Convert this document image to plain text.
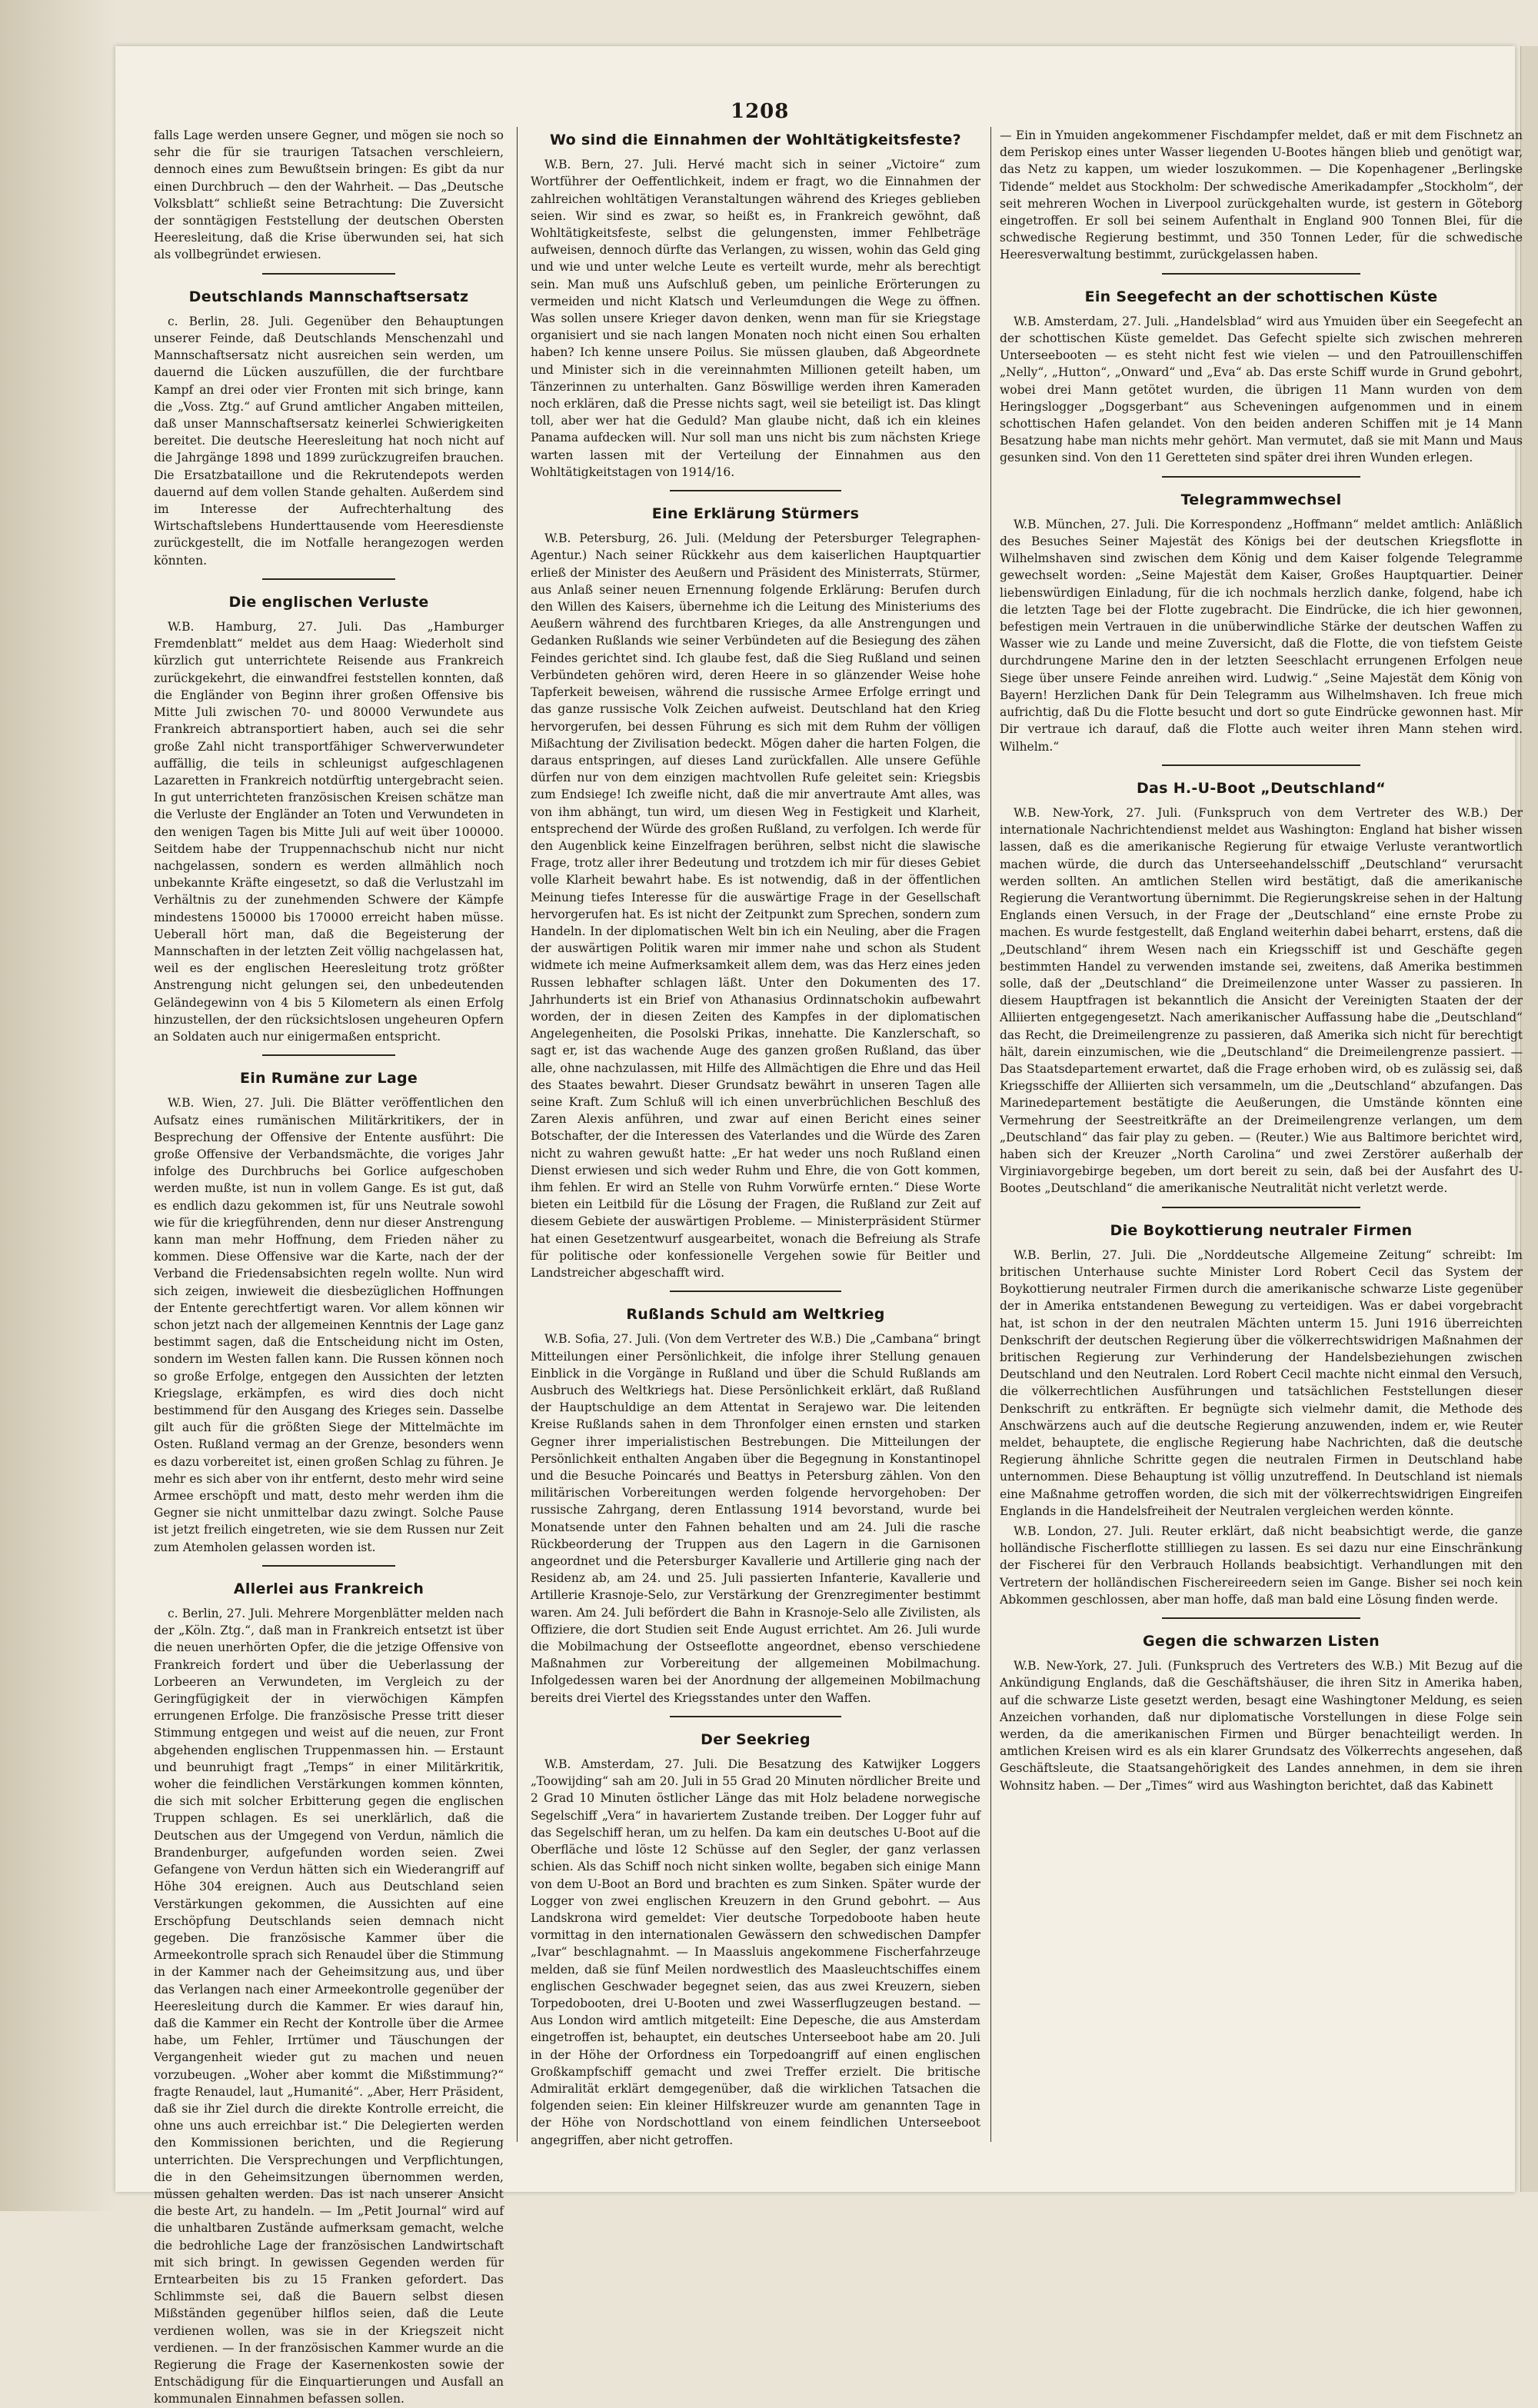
1208

falls Lage werden unsere Gegner, und mögen sie noch so sehr die für sie traurigen Tatsachen verschleiern, dennoch eines zum Bewußtsein bringen: Es gibt da nur einen Durchbruch — den der Wahrheit. — Das „Deutsche Volksblatt“ schließt seine Betrachtung: Die Zuversicht der sonntägigen Feststellung der deutschen Obersten Heeresleitung, daß die Krise überwunden sei, hat sich als vollbegründet erwiesen.

Deutschlands Mannschaftsersatz

c. Berlin, 28. Juli. Gegenüber den Behauptungen unserer Feinde, daß Deutschlands Menschenzahl und Mannschaftsersatz nicht ausreichen sein werden, um dauernd die Lücken auszufüllen, die der furchtbare Kampf an drei oder vier Fronten mit sich bringe, kann die „Voss. Ztg.“ auf Grund amtlicher Angaben mitteilen, daß unser Mannschaftsersatz keinerlei Schwierigkeiten bereitet. Die deutsche Heeresleitung hat noch nicht auf die Jahrgänge 1898 und 1899 zurückzugreifen brauchen. Die Ersatzbataillone und die Rekrutendepots werden dauernd auf dem vollen Stande gehalten. Außerdem sind im Interesse der Aufrechterhaltung des Wirtschaftslebens Hunderttausende vom Heeresdienste zurückgestellt, die im Notfalle herangezogen werden könnten.

Die englischen Verluste

W.B. Hamburg, 27. Juli. Das „Hamburger Fremdenblatt“ meldet aus dem Haag: Wiederholt sind kürzlich gut unterrichtete Reisende aus Frankreich zurückgekehrt, die einwandfrei feststellen konnten, daß die Engländer von Beginn ihrer großen Offensive bis Mitte Juli zwischen 70- und 80000 Verwundete aus Frankreich abtransportiert haben, auch sei die sehr große Zahl nicht transportfähiger Schwerverwundeter auffällig, die teils in schleunigst aufgeschlagenen Lazaretten in Frankreich notdürftig untergebracht seien. In gut unterrichteten französischen Kreisen schätze man die Verluste der Engländer an Toten und Verwundeten in den wenigen Tagen bis Mitte Juli auf weit über 100000. Seitdem habe der Truppennachschub nicht nur nicht nachgelassen, sondern es werden allmählich noch unbekannte Kräfte eingesetzt, so daß die Verlustzahl im Verhältnis zu der zunehmenden Schwere der Kämpfe mindestens 150000 bis 170000 erreicht haben müsse. Ueberall hört man, daß die Begeisterung der Mannschaften in der letzten Zeit völlig nachgelassen hat, weil es der englischen Heeresleitung trotz größter Anstrengung nicht gelungen sei, den unbedeutenden Geländegewinn von 4 bis 5 Kilometern als einen Erfolg hinzustellen, der den rücksichtslosen ungeheuren Opfern an Soldaten auch nur einigermaßen entspricht.

Ein Rumäne zur Lage

W.B. Wien, 27. Juli. Die Blätter veröffentlichen den Aufsatz eines rumänischen Militärkritikers, der in Besprechung der Offensive der Entente ausführt: Die große Offensive der Verbandsmächte, die voriges Jahr infolge des Durchbruchs bei Gorlice aufgeschoben werden mußte, ist nun in vollem Gange. Es ist gut, daß es endlich dazu gekommen ist, für uns Neutrale sowohl wie für die kriegführenden, denn nur dieser Anstrengung kann man mehr Hoffnung, dem Frieden näher zu kommen. Diese Offensive war die Karte, nach der der Verband die Friedensabsichten regeln wollte. Nun wird sich zeigen, inwieweit die diesbezüglichen Hoffnungen der Entente gerechtfertigt waren. Vor allem können wir schon jetzt nach der allgemeinen Kenntnis der Lage ganz bestimmt sagen, daß die Entscheidung nicht im Osten, sondern im Westen fallen kann. Die Russen können noch so große Erfolge, entgegen den Aussichten der letzten Kriegslage, erkämpfen, es wird dies doch nicht bestimmend für den Ausgang des Krieges sein. Dasselbe gilt auch für die größten Siege der Mittelmächte im Osten. Rußland vermag an der Grenze, besonders wenn es dazu vorbereitet ist, einen großen Schlag zu führen. Je mehr es sich aber von ihr entfernt, desto mehr wird seine Armee erschöpft und matt, desto mehr werden ihm die Gegner sie nicht unmittelbar dazu zwingt. Solche Pause ist jetzt freilich eingetreten, wie sie dem Russen nur Zeit zum Atemholen gelassen worden ist.

Allerlei aus Frankreich

c. Berlin, 27. Juli. Mehrere Morgenblätter melden nach der „Köln. Ztg.“, daß man in Frankreich entsetzt ist über die neuen unerhörten Opfer, die die jetzige Offensive von Frankreich fordert und über die Ueberlassung der Lorbeeren an Verwundeten, im Vergleich zu der Geringfügigkeit der in vierwöchigen Kämpfen errungenen Erfolge. Die französische Presse tritt dieser Stimmung entgegen und weist auf die neuen, zur Front abgehenden englischen Truppenmassen hin. — Erstaunt und beunruhigt fragt „Temps“ in einer Militärkritik, woher die feindlichen Verstärkungen kommen könnten, die sich mit solcher Erbitterung gegen die englischen Truppen schlagen. Es sei unerklärlich, daß die Deutschen aus der Umgegend von Verdun, nämlich die Brandenburger, aufgefunden worden seien. Zwei Gefangene von Verdun hätten sich ein Wiederangriff auf Höhe 304 ereignen. Auch aus Deutschland seien Verstärkungen gekommen, die Aussichten auf eine Erschöpfung Deutschlands seien demnach nicht gegeben. Die französische Kammer über die Armeekontrolle sprach sich Renaudel über die Stimmung in der Kammer nach der Geheimsitzung aus, und über das Verlangen nach einer Armeekontrolle gegenüber der Heeresleitung durch die Kammer. Er wies darauf hin, daß die Kammer ein Recht der Kontrolle über die Armee habe, um Fehler, Irrtümer und Täuschungen der Vergangenheit wieder gut zu machen und neuen vorzubeugen. „Woher aber kommt die Mißstimmung?“ fragte Renaudel, laut „Humanité“. „Aber, Herr Präsident, daß sie ihr Ziel durch die direkte Kontrolle erreicht, die ohne uns auch erreichbar ist.“ Die Delegierten werden den Kommissionen berichten, und die Regierung unterrichten. Die Versprechungen und Verpflichtungen, die in den Geheimsitzungen übernommen werden, müssen gehalten werden. Das ist nach unserer Ansicht die beste Art, zu handeln. — Im „Petit Journal“ wird auf die unhaltbaren Zustände aufmerksam gemacht, welche die bedrohliche Lage der französischen Landwirtschaft mit sich bringt. In gewissen Gegenden werden für Erntearbeiten bis zu 15 Franken gefordert. Das Schlimmste sei, daß die Bauern selbst diesen Mißständen gegenüber hilflos seien, daß die Leute verdienen wollen, was sie in der Kriegszeit nicht verdienen. — In der französischen Kammer wurde an die Regierung die Frage der Kasernenkosten sowie der Entschädigung für die Einquartierungen und Ausfall an kommunalen Einnahmen befassen sollen.

Wo sind die Einnahmen der Wohltätigkeitsfeste?

W.B. Bern, 27. Juli. Hervé macht sich in seiner „Victoire“ zum Wortführer der Oeffentlichkeit, indem er fragt, wo die Einnahmen der zahlreichen wohltätigen Veranstaltungen während des Krieges geblieben seien. Wir sind es zwar, so heißt es, in Frankreich gewöhnt, daß Wohltätigkeitsfeste, selbst die gelungensten, immer Fehlbeträge aufweisen, dennoch dürfte das Verlangen, zu wissen, wohin das Geld ging und wie und unter welche Leute es verteilt wurde, mehr als berechtigt sein. Man muß uns Aufschluß geben, um peinliche Erörterungen zu vermeiden und nicht Klatsch und Verleumdungen die Wege zu öffnen. Was sollen unsere Krieger davon denken, wenn man für sie Kriegstage organisiert und sie nach langen Monaten noch nicht einen Sou erhalten haben? Ich kenne unsere Poilus. Sie müssen glauben, daß Abgeordnete und Minister sich in die vereinnahmten Millionen geteilt haben, um Tänzerinnen zu unterhalten. Ganz Böswillige werden ihren Kameraden noch erklären, daß die Presse nichts sagt, weil sie beteiligt ist. Das klingt toll, aber wer hat die Geduld? Man glaube nicht, daß ich ein kleines Panama aufdecken will. Nur soll man uns nicht bis zum nächsten Kriege warten lassen mit der Verteilung der Einnahmen aus den Wohltätigkeitstagen von 1914/16.

Eine Erklärung Stürmers

W.B. Petersburg, 26. Juli. (Meldung der Petersburger Telegraphen-Agentur.) Nach seiner Rückkehr aus dem kaiserlichen Hauptquartier erließ der Minister des Aeußern und Präsident des Ministerrats, Stürmer, aus Anlaß seiner neuen Ernennung folgende Erklärung: Berufen durch den Willen des Kaisers, übernehme ich die Leitung des Ministeriums des Aeußern während des furchtbaren Krieges, da alle Anstrengungen und Gedanken Rußlands wie seiner Verbündeten auf die Besiegung des zähen Feindes gerichtet sind. Ich glaube fest, daß die Sieg Rußland und seinen Verbündeten gehören wird, deren Heere in so glänzender Weise hohe Tapferkeit beweisen, während die russische Armee Erfolge erringt und das ganze russische Volk Zeichen aufweist. Deutschland hat den Krieg hervorgerufen, bei dessen Führung es sich mit dem Ruhm der völligen Mißachtung der Zivilisation bedeckt. Mögen daher die harten Folgen, die daraus entspringen, auf dieses Land zurückfallen. Alle unsere Gefühle dürfen nur von dem einzigen machtvollen Rufe geleitet sein: Kriegsbis zum Endsiege! Ich zweifle nicht, daß die mir anvertraute Amt alles, was von ihm abhängt, tun wird, um diesen Weg in Festigkeit und Klarheit, entsprechend der Würde des großen Rußland, zu verfolgen. Ich werde für den Augenblick keine Einzelfragen berühren, selbst nicht die slawische Frage, trotz aller ihrer Bedeutung und trotzdem ich mir für dieses Gebiet volle Klarheit bewahrt habe. Es ist notwendig, daß in der öffentlichen Meinung tiefes Interesse für die auswärtige Frage in der Gesellschaft hervorgerufen hat. Es ist nicht der Zeitpunkt zum Sprechen, sondern zum Handeln. In der diplomatischen Welt bin ich ein Neuling, aber die Fragen der auswärtigen Politik waren mir immer nahe und schon als Student widmete ich meine Aufmerksamkeit allem dem, was das Herz eines jeden Russen lebhafter schlagen läßt. Unter den Dokumenten des 17. Jahrhunderts ist ein Brief von Athanasius Ordinnatschokin aufbewahrt worden, der in diesen Zeiten des Kampfes in der diplomatischen Angelegenheiten, die Posolski Prikas, innehatte. Die Kanzlerschaft, so sagt er, ist das wachende Auge des ganzen großen Rußland, das über alle, ohne nachzulassen, mit Hilfe des Allmächtigen die Ehre und das Heil des Staates bewahrt. Dieser Grundsatz bewährt in unseren Tagen alle seine Kraft. Zum Schluß will ich einen unverbrüchlichen Beschluß des Zaren Alexis anführen, und zwar auf einen Bericht eines seiner Botschafter, der die Interessen des Vaterlandes und die Würde des Zaren nicht zu wahren gewußt hatte: „Er hat weder uns noch Rußland einen Dienst erwiesen und sich weder Ruhm und Ehre, die von Gott kommen, ihm fehlen. Er wird an Stelle von Ruhm Vorwürfe ernten.“ Diese Worte bieten ein Leitbild für die Lösung der Fragen, die Rußland zur Zeit auf diesem Gebiete der auswärtigen Probleme. — Ministerpräsident Stürmer hat einen Gesetzentwurf ausgearbeitet, wonach die Befreiung als Strafe für politische oder konfessionelle Vergehen sowie für Beitler und Landstreicher abgeschafft wird.

Rußlands Schuld am Weltkrieg

W.B. Sofia, 27. Juli. (Von dem Vertreter des W.B.) Die „Cambana“ bringt Mitteilungen einer Persönlichkeit, die infolge ihrer Stellung genauen Einblick in die Vorgänge in Rußland und über die Schuld Rußlands am Ausbruch des Weltkriegs hat. Diese Persönlichkeit erklärt, daß Rußland der Hauptschuldige an dem Attentat in Serajewo war. Die leitenden Kreise Rußlands sahen in dem Thronfolger einen ernsten und starken Gegner ihrer imperialistischen Bestrebungen. Die Mitteilungen der Persönlichkeit enthalten Angaben über die Begegnung in Konstantinopel und die Besuche Poincarés und Beattys in Petersburg zählen. Von den militärischen Vorbereitungen werden folgende hervorgehoben: Der russische Zahrgang, deren Entlassung 1914 bevorstand, wurde bei Monatsende unter den Fahnen behalten und am 24. Juli die rasche Rückbeorderung der Truppen aus den Lagern in die Garnisonen angeordnet und die Petersburger Kavallerie und Artillerie ging nach der Residenz ab, am 24. und 25. Juli passierten Infanterie, Kavallerie und Artillerie Krasnoje-Selo, zur Verstärkung der Grenzregimenter bestimmt waren. Am 24. Juli befördert die Bahn in Krasnoje-Selo alle Zivilisten, als Offiziere, die dort Studien seit Ende August errichtet. Am 26. Juli wurde die Mobilmachung der Ostseeflotte angeordnet, ebenso verschiedene Maßnahmen zur Vorbereitung der allgemeinen Mobilmachung. Infolgedessen waren bei der Anordnung der allgemeinen Mobilmachung bereits drei Viertel des Kriegsstandes unter den Waffen.

Der Seekrieg

W.B. Amsterdam, 27. Juli. Die Besatzung des Katwijker Loggers „Toowijding“ sah am 20. Juli in 55 Grad 20 Minuten nördlicher Breite und 2 Grad 10 Minuten östlicher Länge das mit Holz beladene norwegische Segelschiff „Vera“ in havariertem Zustande treiben. Der Logger fuhr auf das Segelschiff heran, um zu helfen. Da kam ein deutsches U-Boot auf die Oberfläche und löste 12 Schüsse auf den Segler, der ganz verlassen schien. Als das Schiff noch nicht sinken wollte, begaben sich einige Mann von dem U-Boot an Bord und brachten es zum Sinken. Später wurde der Logger von zwei englischen Kreuzern in den Grund gebohrt. — Aus Landskrona wird gemeldet: Vier deutsche Torpedoboote haben heute vormittag in den internationalen Gewässern den schwedischen Dampfer „Ivar“ beschlagnahmt. — In Maassluis angekommene Fischerfahrzeuge melden, daß sie fünf Meilen nordwestlich des Maasleuchtschiffes einem englischen Geschwader begegnet seien, das aus zwei Kreuzern, sieben Torpedobooten, drei U-Booten und zwei Wasserflugzeugen bestand. — Aus London wird amtlich mitgeteilt: Eine Depesche, die aus Amsterdam eingetroffen ist, behauptet, ein deutsches Unterseeboot habe am 20. Juli in der Höhe der Orfordness ein Torpedoangriff auf einen englischen Großkampfschiff gemacht und zwei Treffer erzielt. Die britische Admiralität erklärt demgegenüber, daß die wirklichen Tatsachen die folgenden seien: Ein kleiner Hilfskreuzer wurde am genannten Tage in der Höhe von Nordschottland von einem feindlichen Unterseeboot angegriffen, aber nicht getroffen.

— Ein in Ymuiden angekommener Fischdampfer meldet, daß er mit dem Fischnetz an dem Periskop eines unter Wasser liegenden U-Bootes hängen blieb und genötigt war, das Netz zu kappen, um wieder loszukommen. — Die Kopenhagener „Berlingske Tidende“ meldet aus Stockholm: Der schwedische Amerikadampfer „Stockholm“, der seit mehreren Wochen in Liverpool zurückgehalten wurde, ist gestern in Göteborg eingetroffen. Er soll bei seinem Aufenthalt in England 900 Tonnen Blei, für die schwedische Regierung bestimmt, und 350 Tonnen Leder, für die schwedische Heeresverwaltung bestimmt, zurückgelassen haben.

Ein Seegefecht an der schottischen Küste

W.B. Amsterdam, 27. Juli. „Handelsblad“ wird aus Ymuiden über ein Seegefecht an der schottischen Küste gemeldet. Das Gefecht spielte sich zwischen mehreren Unterseebooten — es steht nicht fest wie vielen — und den Patrouillenschiffen „Nelly“, „Hutton“, „Onward“ und „Eva“ ab. Das erste Schiff wurde in Grund gebohrt, wobei drei Mann getötet wurden, die übrigen 11 Mann wurden von dem Heringslogger „Dogsgerbant“ aus Scheveningen aufgenommen und in einem schottischen Hafen gelandet. Von den beiden anderen Schiffen mit je 14 Mann Besatzung habe man nichts mehr gehört. Man vermutet, daß sie mit Mann und Maus gesunken sind. Von den 11 Geretteten sind später drei ihren Wunden erlegen.

Telegrammwechsel

W.B. München, 27. Juli. Die Korrespondenz „Hoffmann“ meldet amtlich: Anläßlich des Besuches Seiner Majestät des Königs bei der deutschen Kriegsflotte in Wilhelmshaven sind zwischen dem König und dem Kaiser folgende Telegramme gewechselt worden: „Seine Majestät dem Kaiser, Großes Hauptquartier. Deiner liebenswürdigen Einladung, für die ich nochmals herzlich danke, folgend, habe ich die letzten Tage bei der Flotte zugebracht. Die Eindrücke, die ich hier gewonnen, befestigen mein Vertrauen in die unüberwindliche Stärke der deutschen Waffen zu Wasser wie zu Lande und meine Zuversicht, daß die Flotte, die von tiefstem Geiste durchdrungene Marine den in der letzten Seeschlacht errungenen Erfolgen neue Siege über unsere Feinde anreihen wird. Ludwig.“ „Seine Majestät dem König von Bayern! Herzlichen Dank für Dein Telegramm aus Wilhelmshaven. Ich freue mich aufrichtig, daß Du die Flotte besucht und dort so gute Eindrücke gewonnen hast. Mir Dir vertraue ich darauf, daß die Flotte auch weiter ihren Mann stehen wird. Wilhelm.“

Das H.-U-Boot „Deutschland“

W.B. New-York, 27. Juli. (Funkspruch von dem Vertreter des W.B.) Der internationale Nachrichtendienst meldet aus Washington: England hat bisher wissen lassen, daß es die amerikanische Regierung für etwaige Verluste verantwortlich machen würde, die durch das Unterseehandelsschiff „Deutschland“ verursacht werden sollten. An amtlichen Stellen wird bestätigt, daß die amerikanische Regierung die Verantwortung übernimmt. Die Regierungskreise sehen in der Haltung Englands einen Versuch, in der Frage der „Deutschland“ eine ernste Probe zu machen. Es wurde festgestellt, daß England weiterhin dabei beharrt, erstens, daß die „Deutschland“ ihrem Wesen nach ein Kriegsschiff ist und Geschäfte gegen bestimmten Handel zu verwenden imstande sei, zweitens, daß Amerika bestimmen solle, daß der „Deutschland“ die Dreimeilenzone unter Wasser zu passieren. In diesem Hauptfragen ist bekanntlich die Ansicht der Vereinigten Staaten der der Alliierten entgegengesetzt. Nach amerikanischer Auffassung habe die „Deutschland“ das Recht, die Dreimeilengrenze zu passieren, daß Amerika sich nicht für berechtigt hält, darein einzumischen, wie die „Deutschland“ die Dreimeilengrenze passiert. — Das Staatsdepartement erwartet, daß die Frage erhoben wird, ob es zulässig sei, daß Kriegsschiffe der Alliierten sich versammeln, um die „Deutschland“ abzufangen. Das Marinedepartement bestätigte die Aeußerungen, die Umstände könnten eine Vermehrung der Seestreitkräfte an der Dreimeilengrenze verlangen, um dem „Deutschland“ das fair play zu geben. — (Reuter.) Wie aus Baltimore berichtet wird, haben sich der Kreuzer „North Carolina“ und zwei Zerstörer außerhalb der Virginiavorgebirge begeben, um dort bereit zu sein, daß bei der Ausfahrt des U-Bootes „Deutschland“ die amerikanische Neutralität nicht verletzt werde.

Die Boykottierung neutraler Firmen

W.B. Berlin, 27. Juli. Die „Norddeutsche Allgemeine Zeitung“ schreibt: Im britischen Unterhause suchte Minister Lord Robert Cecil das System der Boykottierung neutraler Firmen durch die amerikanische schwarze Liste gegenüber der in Amerika entstandenen Bewegung zu verteidigen. Was er dabei vorgebracht hat, ist schon in der den neutralen Mächten unterm 15. Juni 1916 überreichten Denkschrift der deutschen Regierung über die völkerrechtswidrigen Maßnahmen der britischen Regierung zur Verhinderung der Handelsbeziehungen zwischen Deutschland und den Neutralen. Lord Robert Cecil machte nicht einmal den Versuch, die völkerrechtlichen Ausführungen und tatsächlichen Feststellungen dieser Denkschrift zu entkräften. Er begnügte sich vielmehr damit, die Methode des Anschwärzens auch auf die deutsche Regierung anzuwenden, indem er, wie Reuter meldet, behauptete, die englische Regierung habe Nachrichten, daß die deutsche Regierung ähnliche Schritte gegen die neutralen Firmen in Deutschland habe unternommen. Diese Behauptung ist völlig unzutreffend. In Deutschland ist niemals eine Maßnahme getroffen worden, die sich mit der völkerrechtswidrigen Eingreifen Englands in die Handelsfreiheit der Neutralen vergleichen werden könnte.

W.B. London, 27. Juli. Reuter erklärt, daß nicht beabsichtigt werde, die ganze holländische Fischerflotte stillliegen zu lassen. Es sei dazu nur eine Einschränkung der Fischerei für den Verbrauch Hollands beabsichtigt. Verhandlungen mit den Vertretern der holländischen Fischereireedern seien im Gange. Bisher sei noch kein Abkommen geschlossen, aber man hoffe, daß man bald eine Lösung finden werde.

Gegen die schwarzen Listen

W.B. New-York, 27. Juli. (Funkspruch des Vertreters des W.B.) Mit Bezug auf die Ankündigung Englands, daß die Geschäftshäuser, die ihren Sitz in Amerika haben, auf die schwarze Liste gesetzt werden, besagt eine Washingtoner Meldung, es seien Anzeichen vorhanden, daß nur diplomatische Vorstellungen in diese Folge sein werden, da die amerikanischen Firmen und Bürger benachteiligt werden. In amtlichen Kreisen wird es als ein klarer Grundsatz des Völkerrechts angesehen, daß Geschäftsleute, die Staatsangehörigkeit des Landes annehmen, in dem sie ihren Wohnsitz haben. — Der „Times“ wird aus Washington berichtet, daß das Kabinett
